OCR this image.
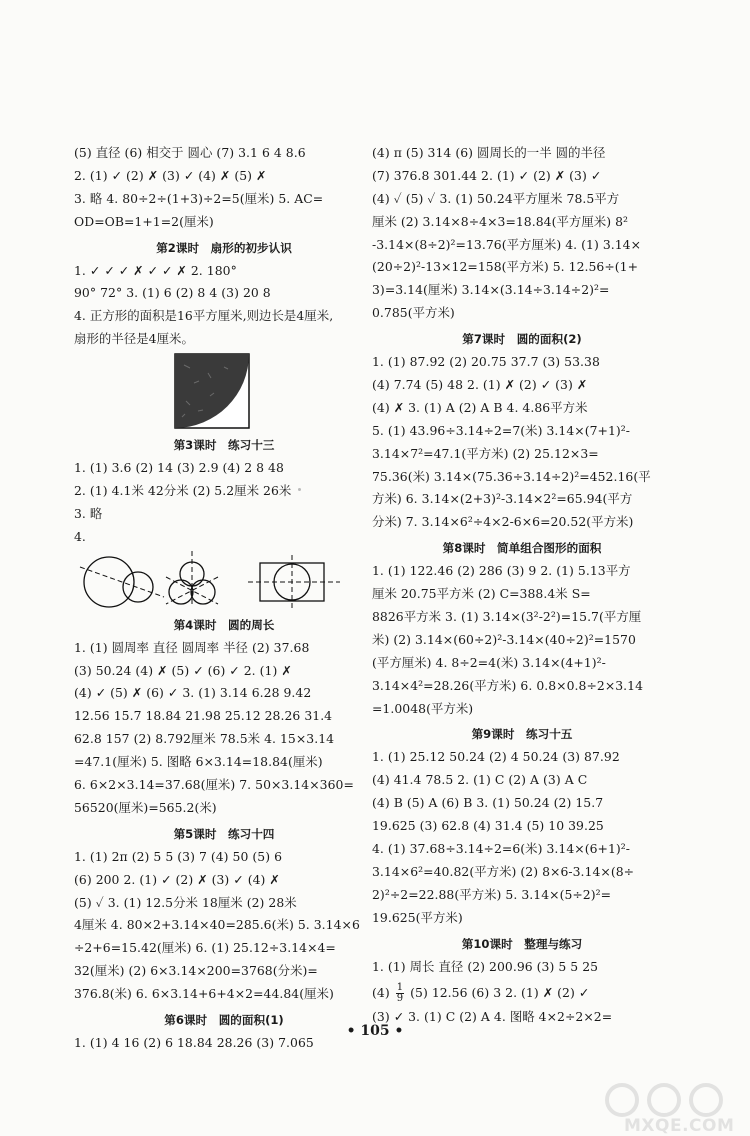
(5) 直径 (6) 相交于 圆心 (7) 3.1 6 4 8.6
2. (1) ✓ (2) ✗ (3) ✓ (4) ✗ (5) ✗
3. 略 4. 80÷2÷(1+3)÷2=5(厘米) 5. AC=
OD=OB=1+1=2(厘米)
第2课时　扇形的初步认识
1. ✓ ✓ ✓ ✗ ✓ ✓ ✗ 2. 180°
90° 72° 3. (1) 6 (2) 8 4 (3) 20 8
4. 正方形的面积是16平方厘米,则边长是4厘米,
扇形的半径是4厘米。
第3课时　练习十三
1. (1) 3.6 (2) 14 (3) 2.9 (4) 2 8 48
2. (1) 4.1米 42分米 (2) 5.2厘米 26米
3. 略
4.
第4课时　圆的周长
1. (1) 圆周率 直径 圆周率 半径 (2) 37.68
(3) 50.24 (4) ✗ (5) ✓ (6) ✓ 2. (1) ✗
(4) ✓ (5) ✗ (6) ✓ 3. (1) 3.14 6.28 9.42
12.56 15.7 18.84 21.98 25.12 28.26 31.4
62.8 157 (2) 8.792厘米 78.5米 4. 15×3.14
=47.1(厘米) 5. 图略 6×3.14=18.84(厘米)
6. 6×2×3.14=37.68(厘米) 7. 50×3.14×360=
56520(厘米)=565.2(米)
第5课时　练习十四
1. (1) 2π (2) 5 5 (3) 7 (4) 50 (5) 6
(6) 200 2. (1) ✓ (2) ✗ (3) ✓ (4) ✗
(5) ✓ 3. (1) 12.5分米 18厘米 (2) 28米
4厘米 4. 80×2+3.14×40=285.6(米) 5. 3.14×6
÷2+6=15.42(厘米) 6. (1) 25.12÷3.14×4=
32(厘米) (2) 6×3.14×200=3768(分米)=
376.8(米) 6. 6×3.14+6+4×2=44.84(厘米)
第6课时　圆的面积(1)
1. (1) 4 16 (2) 6 18.84 28.26 (3) 7.065
(4) π (5) 314 (6) 圆周长的一半 圆的半径
(7) 376.8 301.44 2. (1) ✓ (2) ✗ (3) ✓
(4) ✓ (5) ✓ 3. (1) 50.24平方厘米 78.5平方
厘米 (2) 3.14×8÷4×3=18.84(平方厘米) 8²
-3.14×(8÷2)²=13.76(平方厘米) 4. (1) 3.14×
(20÷2)²-13×12=158(平方米) 5. 12.56÷(1+
3)=3.14(厘米) 3.14×(3.14÷3.14÷2)²=
0.785(平方米)
第7课时　圆的面积(2)
1. (1) 87.92 (2) 20.75 37.7 (3) 53.38
(4) 7.74 (5) 48 2. (1) ✗ (2) ✓ (3) ✗
(4) ✗ 3. (1) A (2) A B 4. 4.86平方米
5. (1) 43.96÷3.14÷2=7(米) 3.14×(7+1)²-
3.14×7²=47.1(平方米) (2) 25.12×3=
75.36(米) 3.14×(75.36÷3.14÷2)²=452.16(平
方米) 6. 3.14×(2+3)²-3.14×2²=65.94(平方
分米) 7. 3.14×6²÷4×2-6×6=20.52(平方米)
第8课时　简单组合图形的面积
1. (1) 122.46 (2) 286 (3) 9 2. (1) 5.13平方
厘米 20.75平方米 (2) C=388.4米 S=
8826平方米 3. (1) 3.14×(3²-2²)=15.7(平方厘
米) (2) 3.14×(60÷2)²-3.14×(40÷2)²=1570
(平方厘米) 4. 8÷2=4(米) 3.14×(4+1)²-
3.14×4²=28.26(平方米) 6. 0.8×0.8÷2×3.14
=1.0048(平方米)
第9课时　练习十五
1. (1) 25.12 50.24 (2) 4 50.24 (3) 87.92
(4) 41.4 78.5 2. (1) C (2) A (3) A C
(4) B (5) A (6) B 3. (1) 50.24 (2) 15.7
19.625 (3) 62.8 (4) 31.4 (5) 10 39.25
4. (1) 37.68÷3.14÷2=6(米) 3.14×(6+1)²-
3.14×6²=40.82(平方米) (2) 8×6-3.14×(8÷
2)²÷2=22.88(平方米) 5. 3.14×(5÷2)²=
19.625(平方米)
第10课时　整理与练习
1. (1) 周长 直径 (2) 200.96 (3) 5 5 25
$(4) \frac{1}{9} (5)$ 12.56 (6) 3 2. (1) ✗ (2) ✓
(3) ✓ 3. (1) C (2) A 4. 图略 4×2÷2×2=
• 105 •
MXQE.COM
